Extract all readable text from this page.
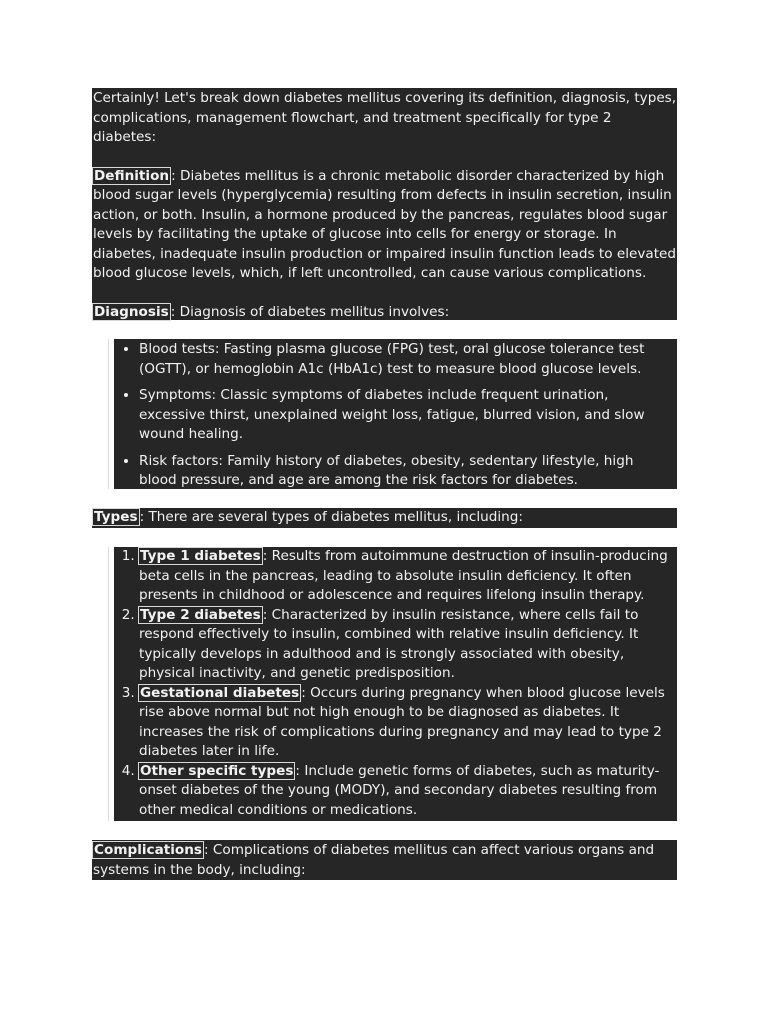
Certainly! Let's break down diabetes mellitus covering its definition, diagnosis, types, complications, management flowchart, and treatment specifically for type 2 diabetes:

Definition : Diabetes mellitus is a chronic metabolic disorder characterized by high blood sugar levels (hyperglycemia) resulting from defects in insulin secretion, insulin action, or both. Insulin, a hormone produced by the pancreas, regulates blood sugar levels by facilitating the uptake of glucose into cells for energy or storage. In diabetes, inadequate insulin production or impaired insulin function leads to elevated blood glucose levels, which, if left uncontrolled, can cause various complications.

Diagnosis : Diagnosis of diabetes mellitus involves:

• Blood tests: Fasting plasma glucose (FPG) test, oral glucose tolerance test (OGTT), or hemoglobin A1c (HbA1c) test to measure blood glucose levels.
• Symptoms: Classic symptoms of diabetes include frequent urination, excessive thirst, unexplained weight loss, fatigue, blurred vision, and slow wound healing.
• Risk factors: Family history of diabetes, obesity, sedentary lifestyle, high blood pressure, and age are among the risk factors for diabetes.

Types : There are several types of diabetes mellitus, including:

1. Type 1 diabetes : Results from autoimmune destruction of insulin-producing beta cells in the pancreas, leading to absolute insulin deficiency. It often presents in childhood or adolescence and requires lifelong insulin therapy.
2. Type 2 diabetes : Characterized by insulin resistance, where cells fail to respond effectively to insulin, combined with relative insulin deficiency. It typically develops in adulthood and is strongly associated with obesity, physical inactivity, and genetic predisposition.
3. Gestational diabetes : Occurs during pregnancy when blood glucose levels rise above normal but not high enough to be diagnosed as diabetes. It increases the risk of complications during pregnancy and may lead to type 2 diabetes later in life.
4. Other specific types : Include genetic forms of diabetes, such as maturity-onset diabetes of the young (MODY), and secondary diabetes resulting from other medical conditions or medications.

Complications : Complications of diabetes mellitus can affect various organs and systems in the body, including:
